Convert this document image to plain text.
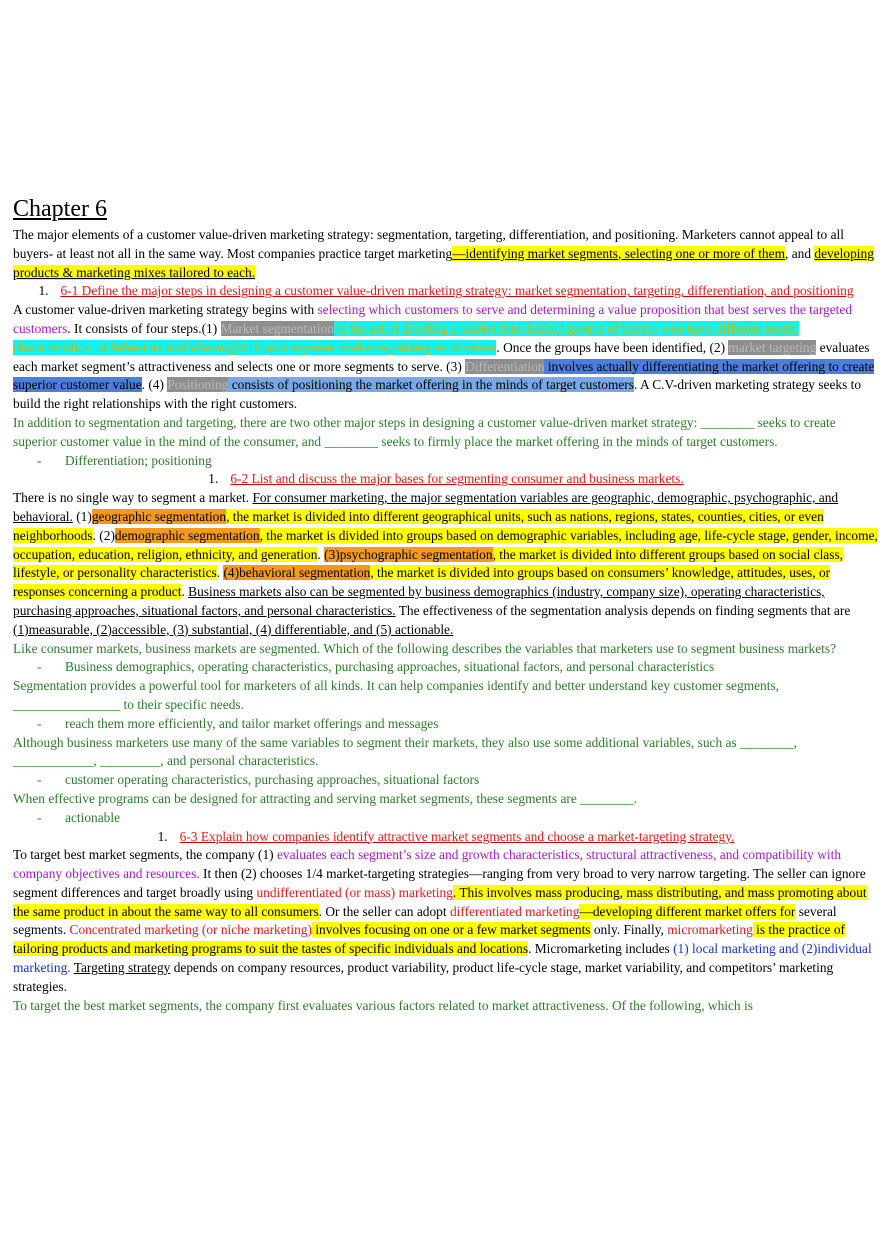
Chapter 6

The major elements of a customer value-driven marketing strategy: segmentation, targeting, differentiation, and positioning. Marketers cannot appeal to all buyers- at least not all in the same way. Most companies practice target marketing—identifying market segments, selecting one or more of them, and developing products & marketing mixes tailored to each.

1. 6-1 Define the major steps in designing a customer value-driven marketing strategy: market segmentation, targeting, differentiation, and positioning

A customer value-driven marketing strategy begins with selecting which customers to serve and determining a value proposition that best serves the targeted customers. It consists of four steps.(1) Market segmentation is the act of dividing a market into distinct groups of buyers who have different needs, characteristics, or behaviors and who might require separate marketing strategies or mixes. Once the groups have been identified, (2) market targeting evaluates each market segment’s attractiveness and selects one or more segments to serve. (3) Differentiation involves actually differentiating the market offering to create superior customer value. (4) Positioning consists of positioning the market offering in the minds of target customers. A C.V-driven marketing strategy seeks to build the right relationships with the right customers.

In addition to segmentation and targeting, there are two other major steps in designing a customer value-driven market strategy: ________ seeks to create superior customer value in the mind of the consumer, and ________ seeks to firmly place the market offering in the minds of target customers.

- Differentiation; positioning

1. 6-2 List and discuss the major bases for segmenting consumer and business markets.

There is no single way to segment a market. For consumer marketing, the major segmentation variables are geographic, demographic, psychographic, and behavioral. (1)geographic segmentation, the market is divided into different geographical units, such as nations, regions, states, counties, cities, or even neighborhoods. (2)demographic segmentation, the market is divided into groups based on demographic variables, including age, life-cycle stage, gender, income, occupation, education, religion, ethnicity, and generation. (3)psychographic segmentation, the market is divided into different groups based on social class, lifestyle, or personality characteristics. (4)behavioral segmentation, the market is divided into groups based on consumers’ knowledge, attitudes, uses, or responses concerning a product. Business markets also can be segmented by business demographics (industry, company size), operating characteristics, purchasing approaches, situational factors, and personal characteristics. The effectiveness of the segmentation analysis depends on finding segments that are (1)measurable, (2)accessible, (3) substantial, (4) differentiable, and (5) actionable.

Like consumer markets, business markets are segmented. Which of the following describes the variables that marketers use to segment business markets?

- Business demographics, operating characteristics, purchasing approaches, situational factors, and personal characteristics

Segmentation provides a powerful tool for marketers of all kinds. It can help companies identify and better understand key customer segments, ________________ to their specific needs.

- reach them more efficiently, and tailor market offerings and messages

Although business marketers use many of the same variables to segment their markets, they also use some additional variables, such as ________, ____________, _________, and personal characteristics.

- customer operating characteristics, purchasing approaches, situational factors

When effective programs can be designed for attracting and serving market segments, these segments are ________.

- actionable

1. 6-3 Explain how companies identify attractive market segments and choose a market-targeting strategy.

To target best market segments, the company (1) evaluates each segment’s size and growth characteristics, structural attractiveness, and compatibility with company objectives and resources. It then (2) chooses 1/4 market-targeting strategies—ranging from very broad to very narrow targeting. The seller can ignore segment differences and target broadly using undifferentiated (or mass) marketing. This involves mass producing, mass distributing, and mass promoting about the same product in about the same way to all consumers. Or the seller can adopt differentiated marketing—developing different market offers for several segments. Concentrated marketing (or niche marketing) involves focusing on one or a few market segments only. Finally, micromarketing is the practice of tailoring products and marketing programs to suit the tastes of specific individuals and locations. Micromarketing includes (1) local marketing and (2)individual marketing. Targeting strategy depends on company resources, product variability, product life-cycle stage, market variability, and competitors’ marketing strategies.

To target the best market segments, the company first evaluates various factors related to market attractiveness. Of the following, which is
